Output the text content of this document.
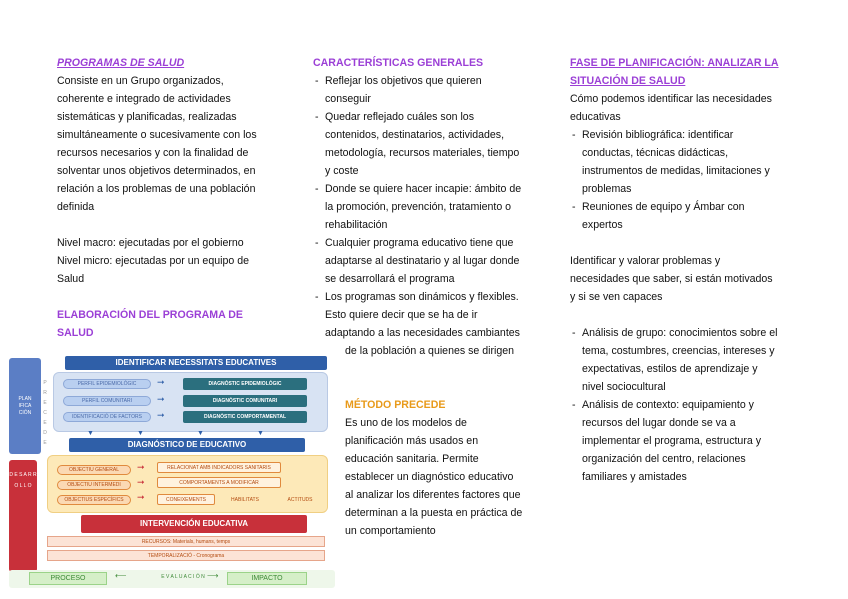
PROGRAMAS DE SALUD

Consiste en un Grupo organizados,

coherente e integrado de actividades

sistemáticas y planificadas, realizadas

simultáneamente o sucesivamente con los

recursos necesarios y con la finalidad de

solventar unos objetivos determinados, en

relación a los problemas de una población

definida

Nivel macro: ejecutadas por el gobierno

Nivel micro: ejecutadas por un equipo de

Salud

ELABORACIÓN DEL PROGRAMA DE

SALUD

PLAN IFICA CIÓN
P R E C E D E
D E S A R R O L L O
IDENTIFICAR NECESSITATS EDUCATIVES
PERFIL EPIDEMIOLÓGIC
PERFIL COMUNITARI
IDENTIFICACIÓ DE FACTORS
➞
➞
➞
DIAGNÒSTIC EPIDEMIOLÒGIC
DIAGNÒSTIC COMUNITARI
DIAGNÒSTIC COMPORTAMENTAL
▼	▼	▼	▼
DIAGNÓSTICO DE EDUCATIVO
OBJECTIU GENERAL
OBJECTIU INTERMEDI
OBJECTIUS ESPECÍFICS
➞
➞
➞
RELACIONAT AMB INDICADORS SANITARIS
COMPORTAMENTS A MODIFICAR
CONEIXEMENTS	HABILITATS	ACTITUDS
INTERVENCIÓN EDUCATIVA
RECURSOS: Materials, humans, temps
TEMPORALIZACIÓ - Cronograma
PROCESO	⟵	E V A L U A C I Ó N ⟶	IMPACTO

CARACTERÍSTICAS GENERALES

- Reflejar los objetivos que quieren
conseguir
- Quedar reflejado cuáles son los
contenidos, destinatarios, actividades,
metodología, recursos materiales, tiempo
y coste
- Donde se quiere hacer incapie: ámbito de
la promoción, prevención, tratamiento o
rehabilitación
- Cualquier programa educativo tiene que
adaptarse al destinatario y al lugar donde
se desarrollará el programa
- Los programas son dinámicos y flexibles.
Esto quiere decir que se ha de ir
adaptando a las necesidades cambiantes

de la población a quienes se dirigen

MÉTODO PRECEDE

Es uno de los modelos de

planificación más usados en

educación sanitaria. Permite

establecer un diagnóstico educativo

al analizar los diferentes factores que

determinan a la puesta en práctica de

un comportamiento

FASE DE PLANIFICACIÓN: ANALIZAR LA

SITUACIÓN DE SALUD

Cómo podemos identificar las necesidades

educativas

- Revisión bibliográfica: identificar
conductas, técnicas didácticas,
instrumentos de medidas, limitaciones y
problemas
- Reuniones de equipo y Ámbar con
expertos

Identificar y valorar problemas y

necesidades que saber, si están motivados

y si se ven capaces

- Análisis de grupo: conocimientos sobre el
tema, costumbres, creencias, intereses y
expectativas, estilos de aprendizaje y
nivel sociocultural
- Análisis de contexto: equipamiento y
recursos del lugar donde se va a
implementar el programa, estructura y
organización del centro, relaciones
familiares y amistades
